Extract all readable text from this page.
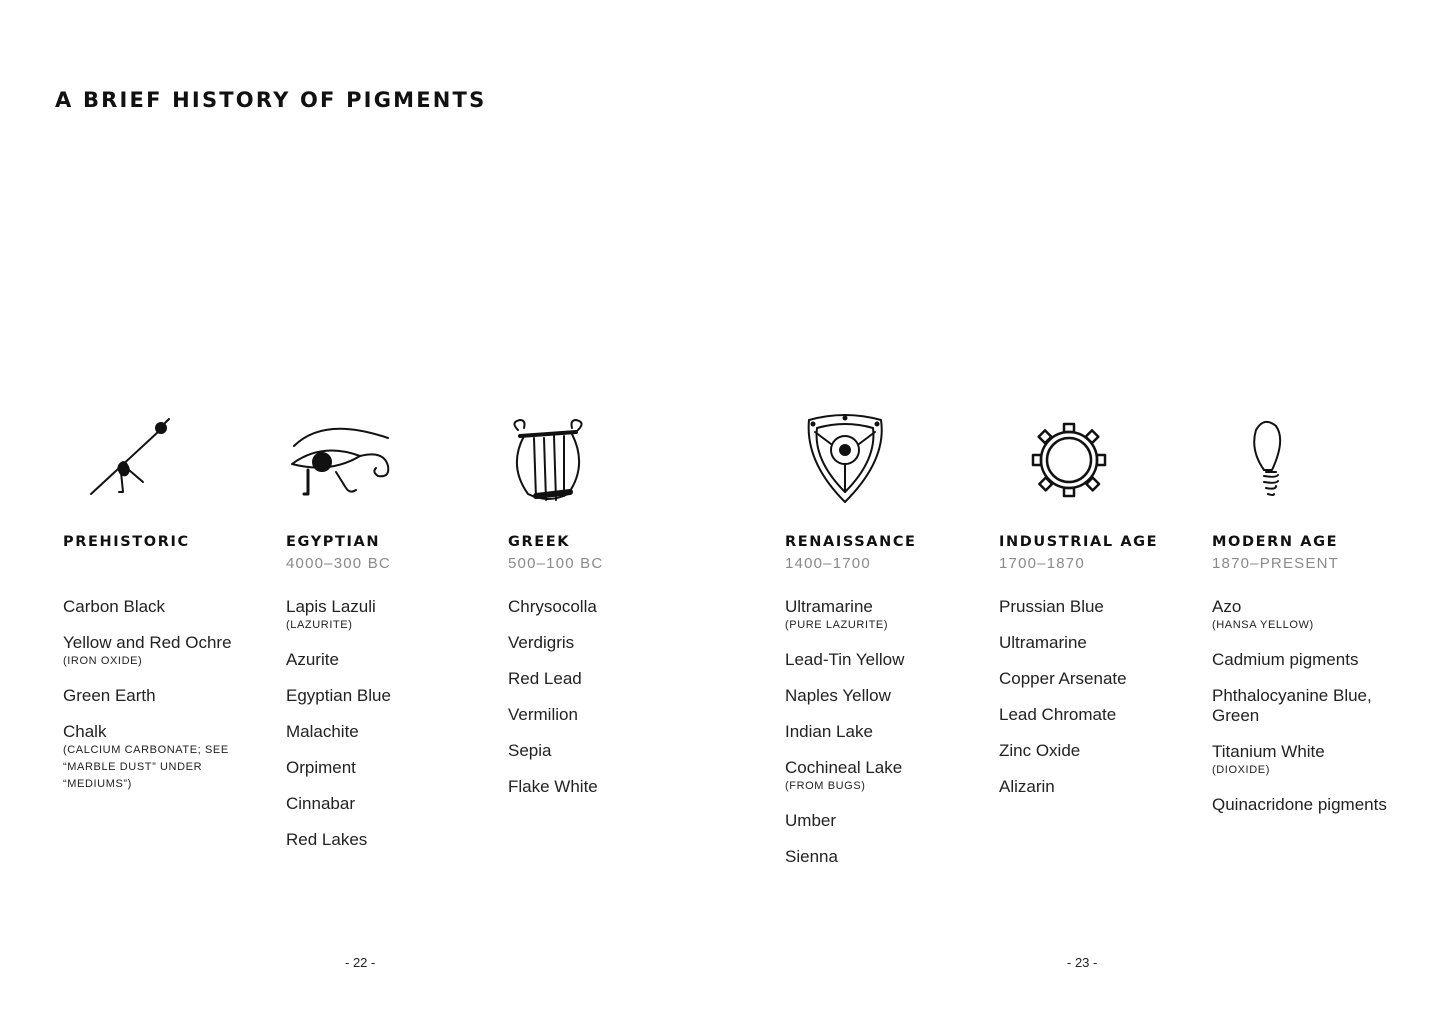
A BRIEF HISTORY OF PIGMENTS
PREHISTORIC
Carbon Black
Yellow and Red Ochre
(IRON OXIDE)
Green Earth
Chalk
(CALCIUM CARBONATE; SEE “MARBLE DUST” UNDER “MEDIUMS”)
EGYPTIAN
4000–300 BC
Lapis Lazuli
(LAZURITE)
Azurite
Egyptian Blue
Malachite
Orpiment
Cinnabar
Red Lakes
GREEK
500–100 BC
Chrysocolla
Verdigris
Red Lead
Vermilion
Sepia
Flake White
RENAISSANCE
1400–1700
Ultramarine
(PURE LAZURITE)
Lead-Tin Yellow
Naples Yellow
Indian Lake
Cochineal Lake
(FROM BUGS)
Umber
Sienna
INDUSTRIAL AGE
1700–1870
Prussian Blue
Ultramarine
Copper Arsenate
Lead Chromate
Zinc Oxide
Alizarin
MODERN AGE
1870–PRESENT
Azo
(HANSA YELLOW)
Cadmium pigments
Phthalocyanine Blue, Green
Titanium White
(DIOXIDE)
Quinacridone pigments
- 22 -	- 23 -
